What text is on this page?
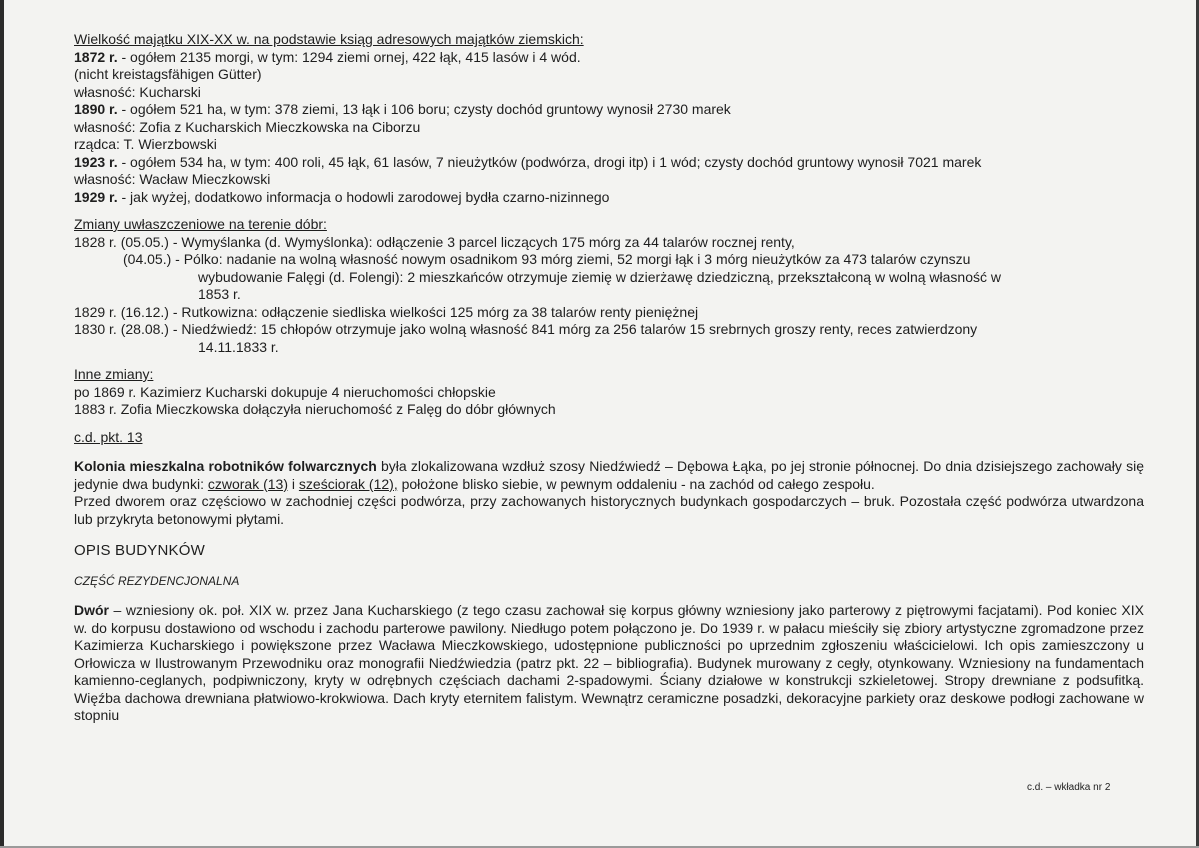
Wielkość majątku XIX-XX w. na podstawie ksiąg adresowych majątków ziemskich:

1872 r. - ogółem 2135 morgi, w tym: 1294 ziemi ornej, 422 łąk, 415 lasów i 4 wód.

(nicht kreistagsfähigen Gütter)

własność: Kucharski

1890 r. - ogółem 521 ha, w tym: 378 ziemi, 13 łąk i 106 boru; czysty dochód gruntowy wynosił 2730 marek

własność: Zofia z Kucharskich Mieczkowska na Ciborzu

rządca: T. Wierzbowski

1923 r. - ogółem 534 ha, w tym: 400 roli, 45 łąk, 61 lasów, 7 nieużytków (podwórza, drogi itp) i 1 wód; czysty dochód gruntowy wynosił 7021 marek

własność: Wacław Mieczkowski

1929 r. - jak wyżej, dodatkowo informacja o hodowli zarodowej bydła czarno-nizinnego

Zmiany uwłaszczeniowe na terenie dóbr:

1828 r. (05.05.) - Wymyślanka (d. Wymyślonka): odłączenie 3 parcel liczących 175 mórg za 44 talarów rocznej renty,

(04.05.) - Pólko: nadanie na wolną własność nowym osadnikom 93 mórg ziemi, 52 morgi łąk i 3 mórg nieużytków za 473 talarów czynszu

wybudowanie Falęgi (d. Folengi): 2 mieszkańców otrzymuje ziemię w dzierżawę dziedziczną, przekształconą w wolną własność w

1853 r.

1829 r. (16.12.) - Rutkowizna: odłączenie siedliska wielkości 125 mórg za 38 talarów renty pieniężnej

1830 r. (28.08.) - Niedźwiedź: 15 chłopów otrzymuje jako wolną własność 841 mórg za 256 talarów 15 srebrnych groszy renty, reces zatwierdzony

14.11.1833 r.

Inne zmiany:

po 1869 r. Kazimierz Kucharski dokupuje 4 nieruchomości chłopskie

1883 r. Zofia Mieczkowska dołączyła nieruchomość z Falęg do dóbr głównych

c.d. pkt. 13

Kolonia mieszkalna robotników folwarcznych była zlokalizowana wzdłuż szosy Niedźwiedź – Dębowa Łąka, po jej stronie północnej. Do dnia dzisiejszego zachowały się jedynie dwa budynki: czworak (13) i sześciorak (12), położone blisko siebie, w pewnym oddaleniu - na zachód od całego zespołu.

Przed dworem oraz częściowo w zachodniej części podwórza, przy zachowanych historycznych budynkach gospodarczych – bruk. Pozostała część podwórza utwardzona lub przykryta betonowymi płytami.

OPIS BUDYNKÓW

CZĘŚĆ REZYDENCJONALNA

Dwór – wzniesiony ok. poł. XIX w. przez Jana Kucharskiego (z tego czasu zachował się korpus główny wzniesiony jako parterowy z piętrowymi facjatami). Pod koniec XIX w. do korpusu dostawiono od wschodu i zachodu parterowe pawilony. Niedługo potem połączono je. Do 1939 r. w pałacu mieściły się zbiory artystyczne zgromadzone przez Kazimierza Kucharskiego i powiększone przez Wacława Mieczkowskiego, udostępnione publiczności po uprzednim zgłoszeniu właścicielowi. Ich opis zamieszczony u Orłowicza w Ilustrowanym Przewodniku oraz monografii Niedźwiedzia (patrz pkt. 22 – bibliografia). Budynek murowany z cegły, otynkowany. Wzniesiony na fundamentach kamienno-ceglanych, podpiwniczony, kryty w odrębnych częściach dachami 2-spadowymi. Ściany działowe w konstrukcji szkieletowej. Stropy drewniane z podsufitką. Więźba dachowa drewniana płatwiowo-krokwiowa. Dach kryty eternitem falistym. Wewnątrz ceramiczne posadzki, dekoracyjne parkiety oraz deskowe podłogi zachowane w stopniu

c.d. – wkładka nr 2
